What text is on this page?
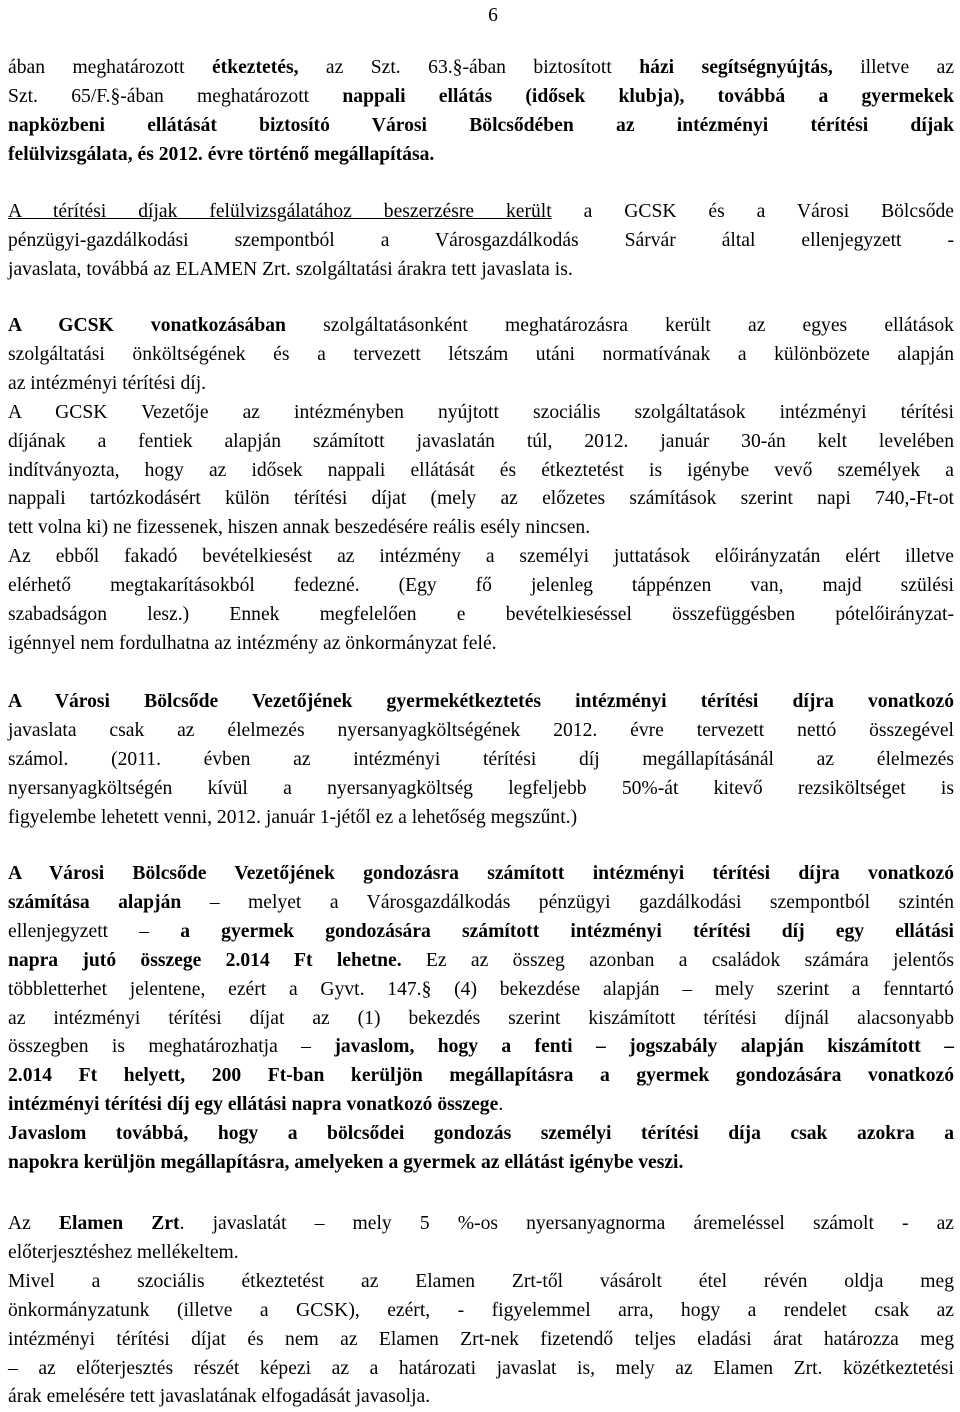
6
ában meghatározott étkeztetés, az Szt. 63.§-ában biztosított házi segítségnyújtás, illetve az
Szt. 65/F.§-ában meghatározott nappali ellátás (idősek klubja), továbbá a gyermekek
napközbeni ellátását biztosító Városi Bölcsődében az intézményi térítési díjak
felülvizsgálata, és 2012. évre történő megállapítása.
A térítési díjak felülvizsgálatához beszerzésre került a GCSK és a Városi Bölcsőde
pénzügyi-gazdálkodási szempontból a Városgazdálkodás Sárvár által ellenjegyzett -
javaslata, továbbá az ELAMEN Zrt. szolgáltatási árakra tett javaslata is.
A GCSK vonatkozásában szolgáltatásonként meghatározásra került az egyes ellátások
szolgáltatási önköltségének és a tervezett létszám utáni normatívának a különbözete alapján
az intézményi térítési díj.
A GCSK Vezetője az intézményben nyújtott szociális szolgáltatások intézményi térítési
díjának a fentiek alapján számított javaslatán túl, 2012. január 30-án kelt levelében
indítványozta, hogy az idősek nappali ellátását és étkeztetést is igénybe vevő személyek a
nappali tartózkodásért külön térítési díjat (mely az előzetes számítások szerint napi 740,-Ft-ot
tett volna ki) ne fizessenek, hiszen annak beszedésére reális esély nincsen.
Az ebből fakadó bevételkiesést az intézmény a személyi juttatások előirányzatán elért illetve
elérhető megtakarításokból fedezné. (Egy fő jelenleg táppénzen van, majd szülési
szabadságon lesz.) Ennek megfelelően e bevételkieséssel összefüggésben pótelőirányzat-
igénnyel nem fordulhatna az intézmény az önkormányzat felé.
A Városi Bölcsőde Vezetőjének gyermekétkeztetés intézményi térítési díjra vonatkozó
javaslata csak az élelmezés nyersanyagköltségének 2012. évre tervezett nettó összegével
számol. (2011. évben az intézményi térítési díj megállapításánál az élelmezés
nyersanyagköltségén kívül a nyersanyagköltség legfeljebb 50%-át kitevő rezsiköltséget is
figyelembe lehetett venni, 2012. január 1-jétől ez a lehetőség megszűnt.)
A Városi Bölcsőde Vezetőjének gondozásra számított intézményi térítési díjra vonatkozó
számítása alapján – melyet a Városgazdálkodás pénzügyi gazdálkodási szempontból szintén
ellenjegyzett – a gyermek gondozására számított intézményi térítési díj egy ellátási
napra jutó összege 2.014 Ft lehetne. Ez az összeg azonban a családok számára jelentős
többletterhet jelentene, ezért a Gyvt. 147.§ (4) bekezdése alapján – mely szerint a fenntartó
az intézményi térítési díjat az (1) bekezdés szerint kiszámított térítési díjnál alacsonyabb
összegben is meghatározhatja – javaslom, hogy a fenti – jogszabály alapján kiszámított –
2.014 Ft helyett, 200 Ft-ban kerüljön megállapításra a gyermek gondozására vonatkozó
intézményi térítési díj egy ellátási napra vonatkozó összege.
Javaslom továbbá, hogy a bölcsődei gondozás személyi térítési díja csak azokra a
napokra kerüljön megállapításra, amelyeken a gyermek az ellátást igénybe veszi.
Az Elamen Zrt. javaslatát – mely 5 %-os nyersanyagnorma áremeléssel számolt - az
előterjesztéshez mellékeltem.
Mivel a szociális étkeztetést az Elamen Zrt-től vásárolt étel révén oldja meg
önkormányzatunk (illetve a GCSK), ezért, - figyelemmel arra, hogy a rendelet csak az
intézményi térítési díjat és nem az Elamen Zrt-nek fizetendő teljes eladási árat határozza meg
– az előterjesztés részét képezi az a határozati javaslat is, mely az Elamen Zrt. közétkeztetési
árak emelésére tett javaslatának elfogadását javasolja.
